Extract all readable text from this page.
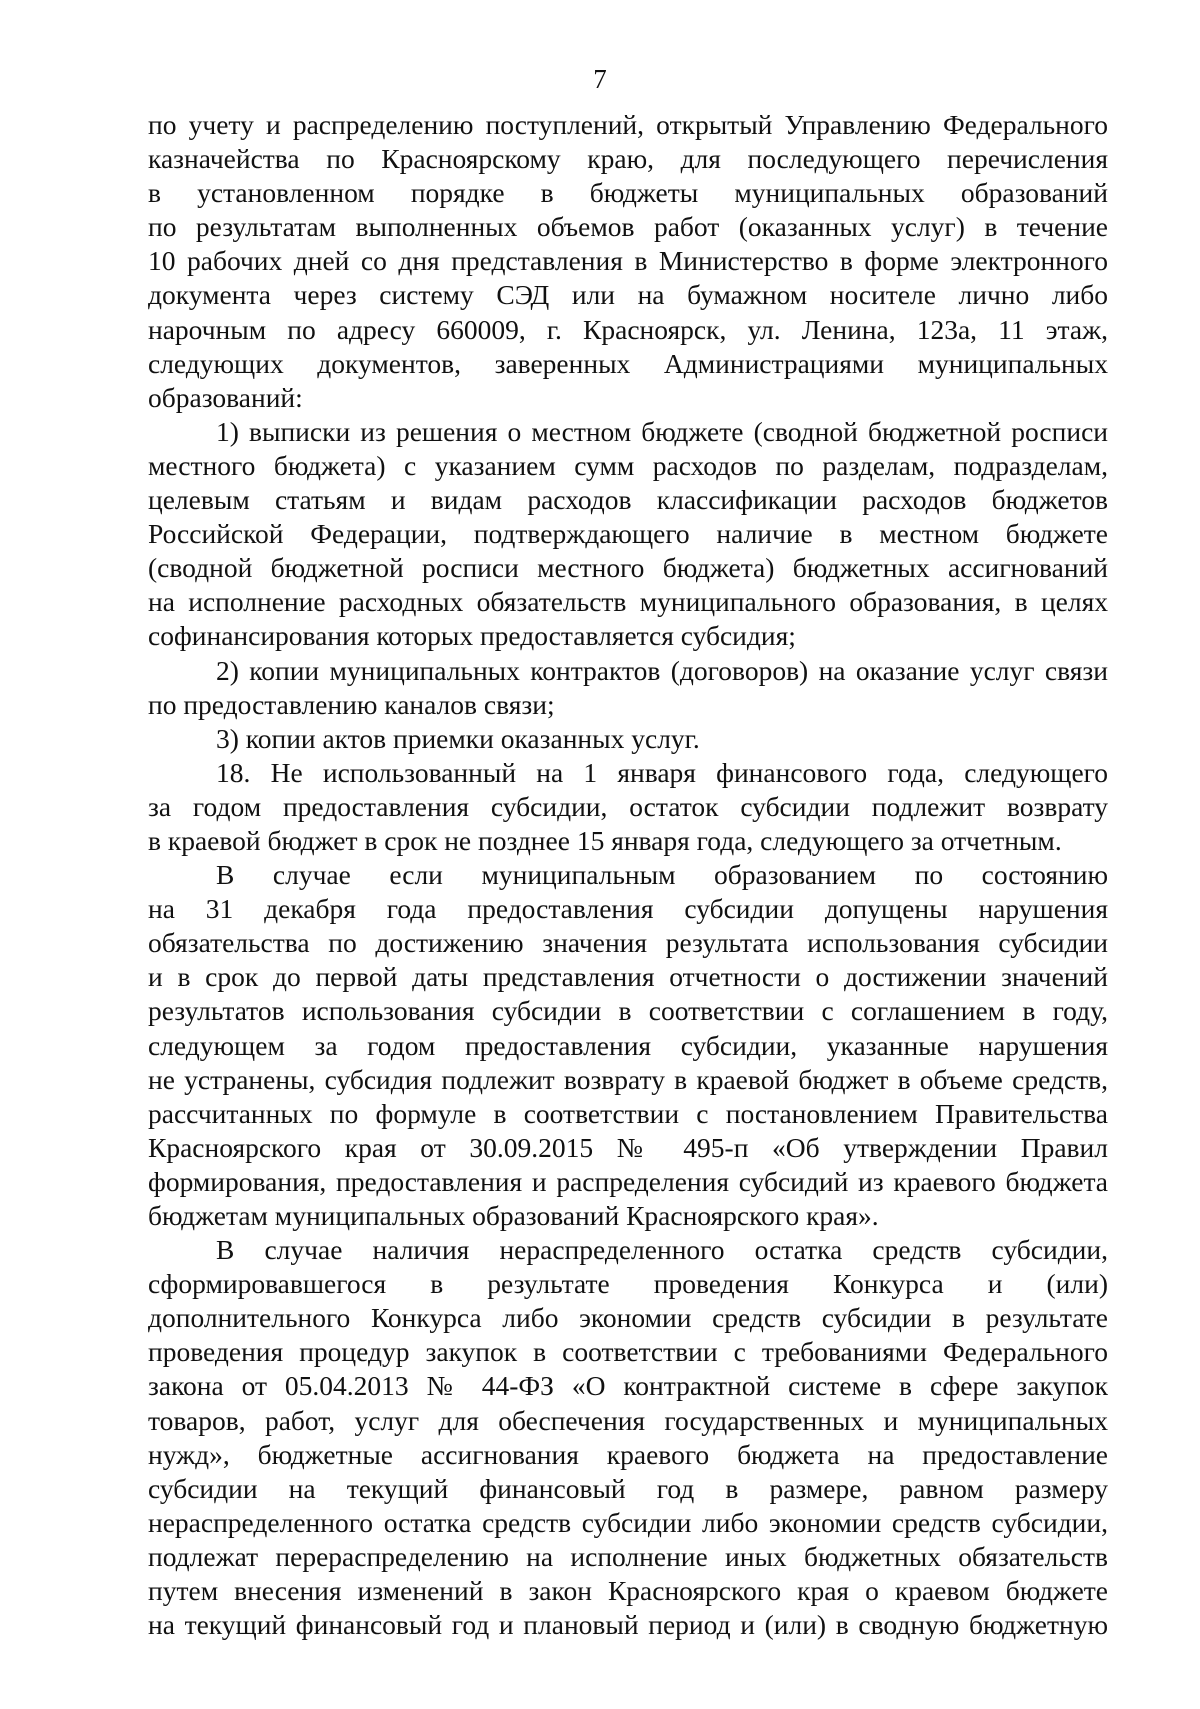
7
по учету и распределению поступлений, открытый Управлению Федерального
казначейства по Красноярскому краю, для последующего перечисления
в установленном порядке в бюджеты муниципальных образований
по результатам выполненных объемов работ (оказанных услуг) в течение
10 рабочих дней со дня представления в Министерство в форме электронного
документа через систему СЭД или на бумажном носителе лично либо
нарочным по адресу 660009, г. Красноярск, ул. Ленина, 123а, 11 этаж,
следующих документов, заверенных Администрациями муниципальных
образований:
1) выписки из решения о местном бюджете (сводной бюджетной росписи
местного бюджета) с указанием сумм расходов по разделам, подразделам,
целевым статьям и видам расходов классификации расходов бюджетов
Российской Федерации, подтверждающего наличие в местном бюджете
(сводной бюджетной росписи местного бюджета) бюджетных ассигнований
на исполнение расходных обязательств муниципального образования, в целях
софинансирования которых предоставляется субсидия;
2) копии муниципальных контрактов (договоров) на оказание услуг связи
по предоставлению каналов связи;
3) копии актов приемки оказанных услуг.
18. Не использованный на 1 января финансового года, следующего
за годом предоставления субсидии, остаток субсидии подлежит возврату
в краевой бюджет в срок не позднее 15 января года, следующего за отчетным.
В случае если муниципальным образованием по состоянию
на 31 декабря года предоставления субсидии допущены нарушения
обязательства по достижению значения результата использования субсидии
и в срок до первой даты представления отчетности о достижении значений
результатов использования субсидии в соответствии с соглашением в году,
следующем за годом предоставления субсидии, указанные нарушения
не устранены, субсидия подлежит возврату в краевой бюджет в объеме средств,
рассчитанных по формуле в соответствии с постановлением Правительства
Красноярского края от 30.09.2015 № 495-п «Об утверждении Правил
формирования, предоставления и распределения субсидий из краевого бюджета
бюджетам муниципальных образований Красноярского края».
В случае наличия нераспределенного остатка средств субсидии,
сформировавшегося в результате проведения Конкурса и (или)
дополнительного Конкурса либо экономии средств субсидии в результате
проведения процедур закупок в соответствии с требованиями Федерального
закона от 05.04.2013 № 44-ФЗ «О контрактной системе в сфере закупок
товаров, работ, услуг для обеспечения государственных и муниципальных
нужд», бюджетные ассигнования краевого бюджета на предоставление
субсидии на текущий финансовый год в размере, равном размеру
нераспределенного остатка средств субсидии либо экономии средств субсидии,
подлежат перераспределению на исполнение иных бюджетных обязательств
путем внесения изменений в закон Красноярского края о краевом бюджете
на текущий финансовый год и плановый период и (или) в сводную бюджетную
